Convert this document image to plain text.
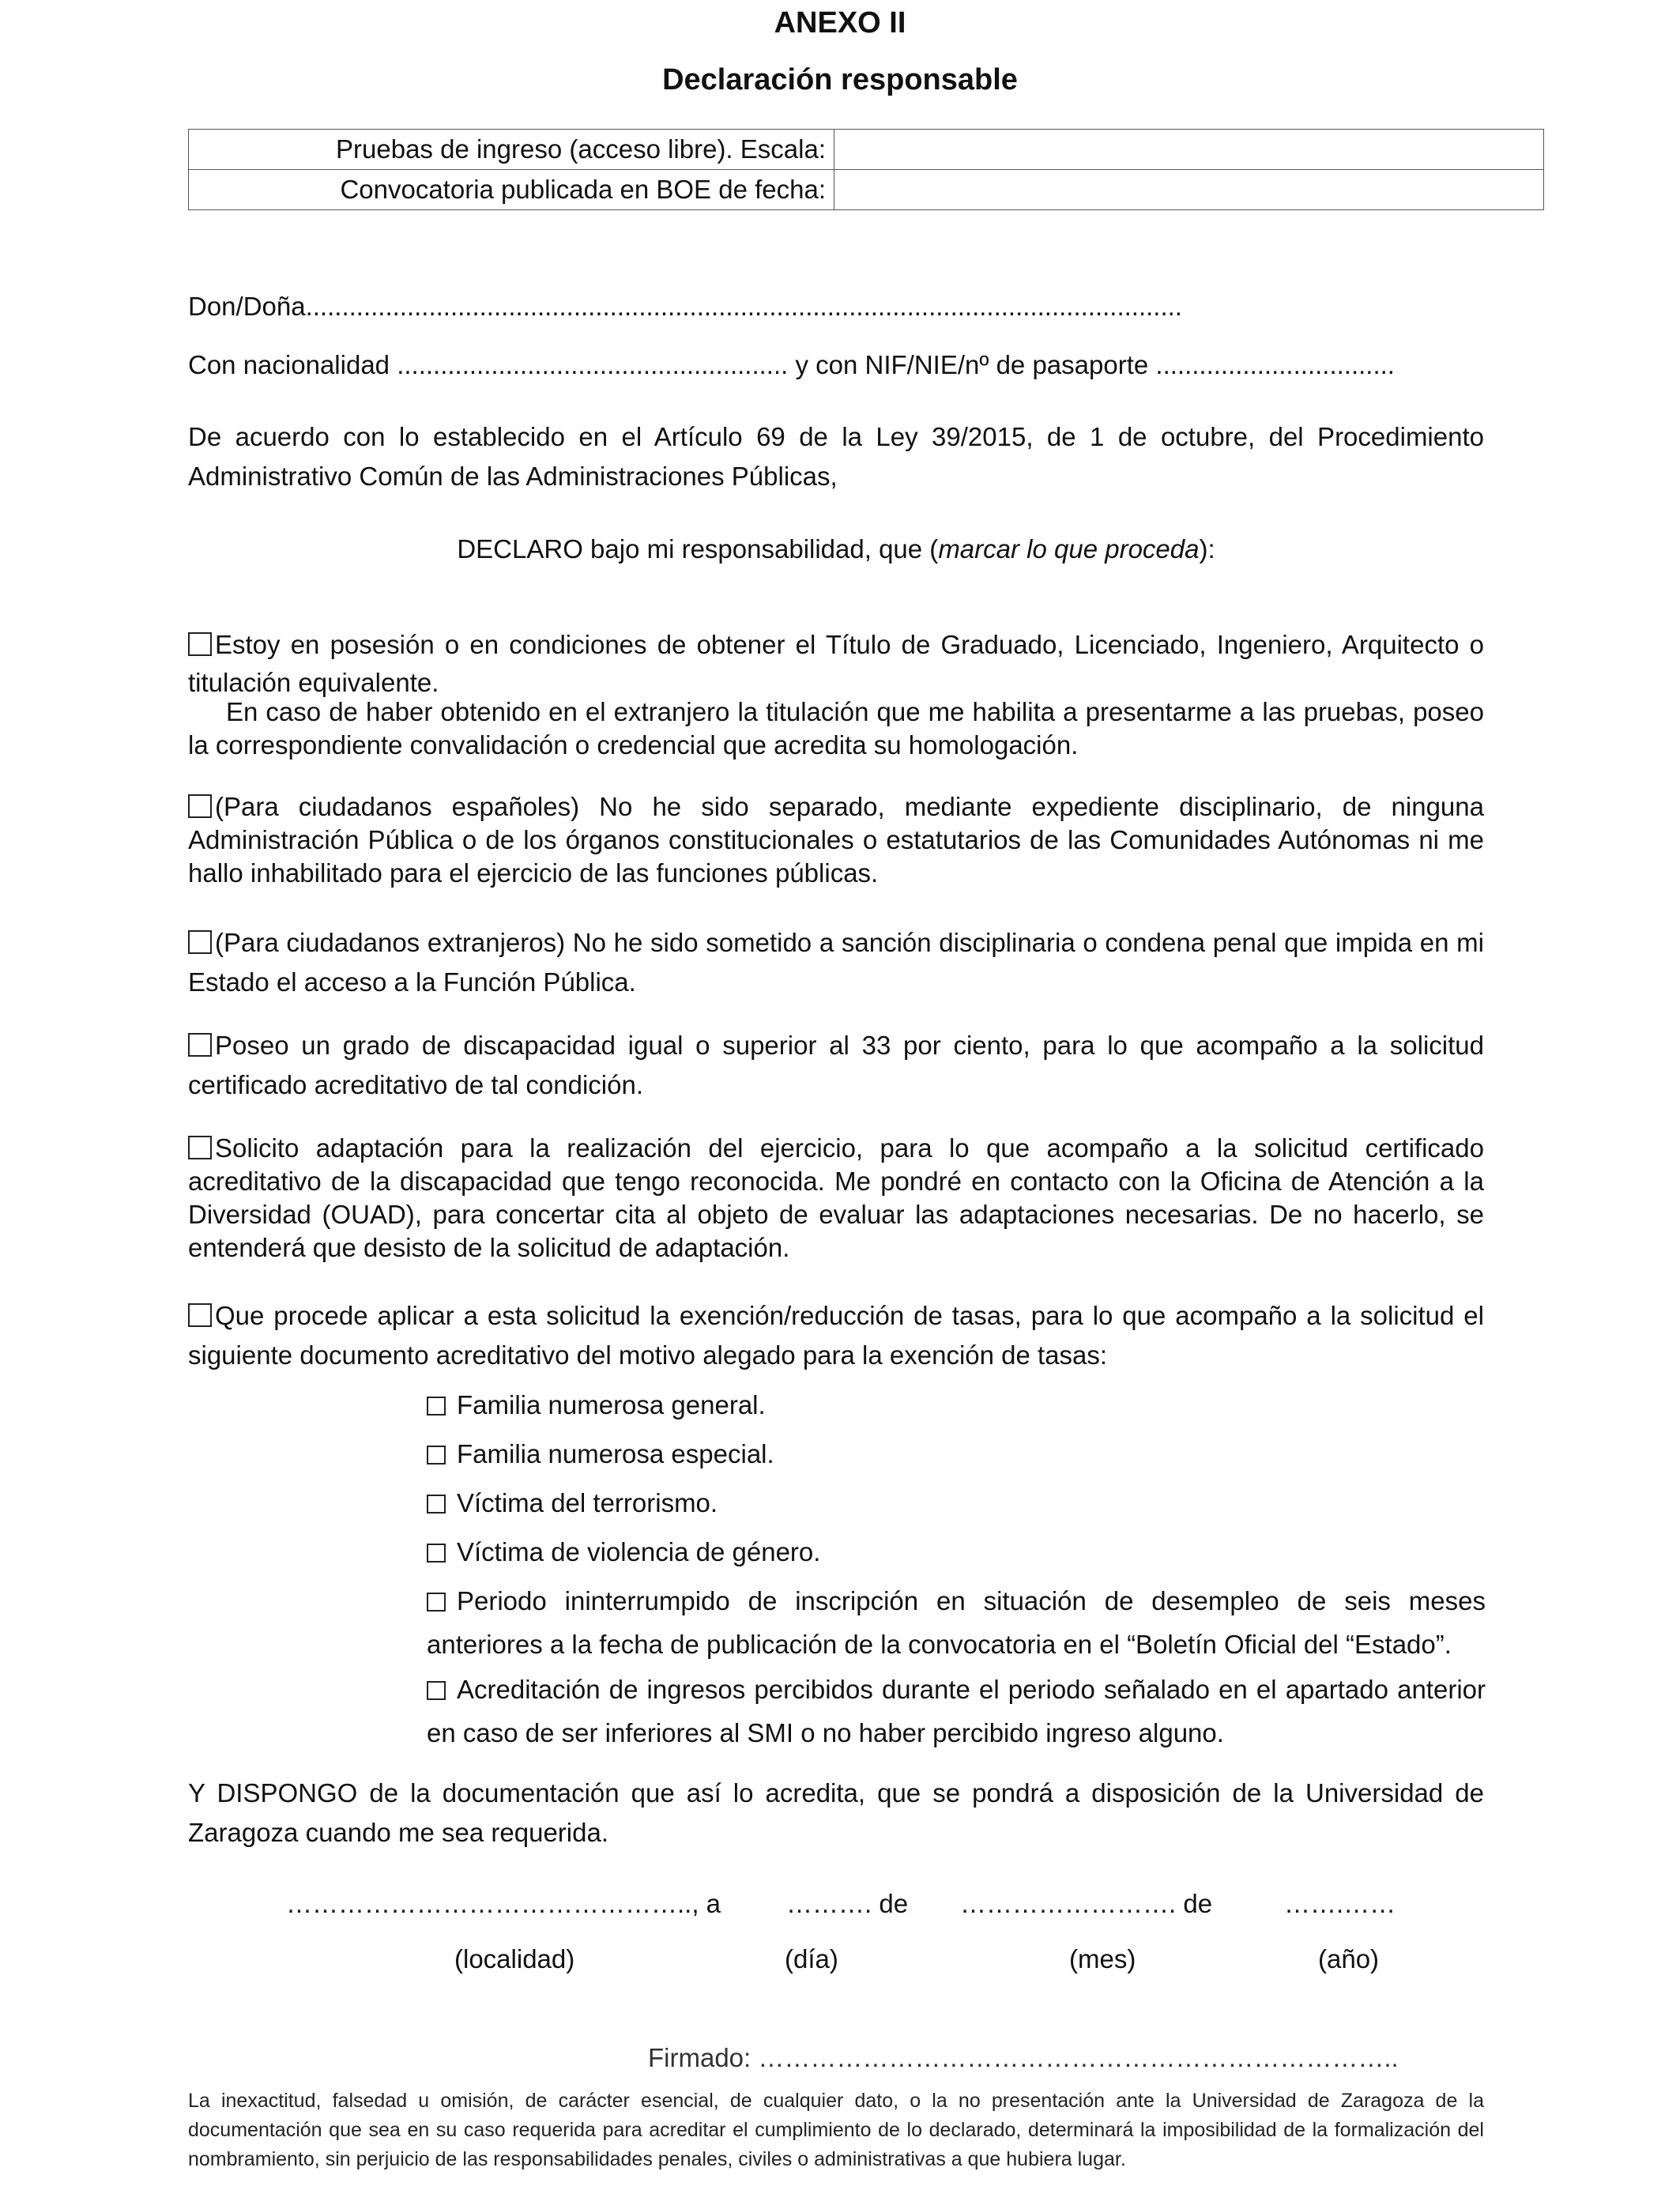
ANEXO II
Declaración responsable
Pruebas de ingreso (acceso libre). Escala:	
Convocatoria publicada en BOE de fecha:	
Don/Doña.........................................................................................................................
Con nacionalidad ...................................................... y con NIF/NIE/nº de pasaporte .................................
De acuerdo con lo establecido en el Artículo 69 de la Ley 39/2015, de 1 de octubre, del Procedimiento Administrativo Común de las Administraciones Públicas,
DECLARO bajo mi responsabilidad, que (marcar lo que proceda):
Estoy en posesión o en condiciones de obtener el Título de Graduado, Licenciado, Ingeniero, Arquitecto o titulación equivalente.
En caso de haber obtenido en el extranjero la titulación que me habilita a presentarme a las pruebas, poseo la correspondiente convalidación o credencial que acredita su homologación.
(Para ciudadanos españoles) No he sido separado, mediante expediente disciplinario, de ninguna Administración Pública o de los órganos constitucionales o estatutarios de las Comunidades Autónomas ni me hallo inhabilitado para el ejercicio de las funciones públicas.
(Para ciudadanos extranjeros) No he sido sometido a sanción disciplinaria o condena penal que impida en mi Estado el acceso a la Función Pública.
Poseo un grado de discapacidad igual o superior al 33 por ciento, para lo que acompaño a la solicitud certificado acreditativo de tal condición.
Solicito adaptación para la realización del ejercicio, para lo que acompaño a la solicitud certificado acreditativo de la discapacidad que tengo reconocida. Me pondré en contacto con la Oficina de Atención a la Diversidad (OUAD), para concertar cita al objeto de evaluar las adaptaciones necesarias. De no hacerlo, se entenderá que desisto de la solicitud de adaptación.
Que procede aplicar a esta solicitud la exención/reducción de tasas, para lo que acompaño a la solicitud el siguiente documento acreditativo del motivo alegado para la exención de tasas:
Familia numerosa general.
Familia numerosa especial.
Víctima del terrorismo.
Víctima de violencia de género.
Periodo ininterrumpido de inscripción en situación de desempleo de seis meses anteriores a la fecha de publicación de la convocatoria en el “Boletín Oficial del “Estado”.
Acreditación de ingresos percibidos durante el periodo señalado en el apartado anterior en caso de ser inferiores al SMI o no haber percibido ingreso alguno.
Y DISPONGO de la documentación que así lo acredita, que se pondrá a disposición de la Universidad de Zaragoza cuando me sea requerida.
……………………………………….., a	………. de ……………………. de	…….……
(localidad)	(día)	(mes)	(año)
Firmado: ………………………………………………………………..
La inexactitud, falsedad u omisión, de carácter esencial, de cualquier dato, o la no presentación ante la Universidad de Zaragoza de la documentación que sea en su caso requerida para acreditar el cumplimiento de lo declarado, determinará la imposibilidad de la formalización del nombramiento, sin perjuicio de las responsabilidades penales, civiles o administrativas a que hubiera lugar.
